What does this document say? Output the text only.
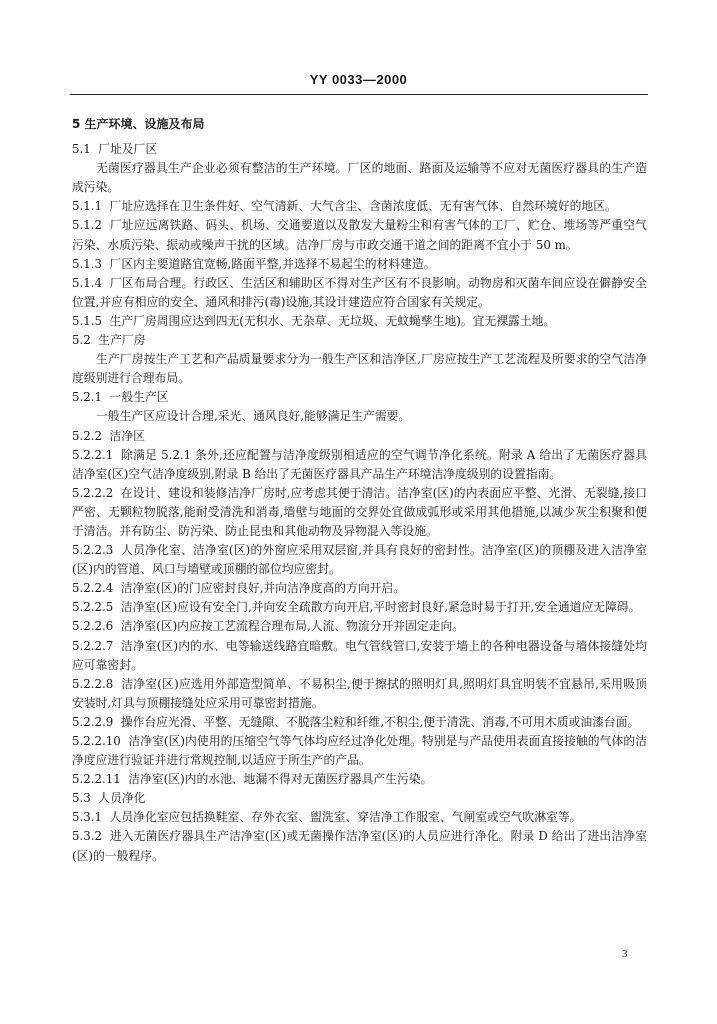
YY 0033—2000

5 生产环境、设施及布局

5.1  厂址及厂区

无菌医疗器具生产企业必须有整洁的生产环境。厂区的地面、路面及运输等不应对无菌医疗器具的生产造成污染。

5.1.1  厂址应选择在卫生条件好、空气清新、大气含尘、含菌浓度低、无有害气体、自然环境好的地区。

5.1.2  厂址应远离铁路、码头、机场、交通要道以及散发大量粉尘和有害气体的工厂、贮仓、堆场等严重空气污染、水质污染、振动或噪声干扰的区域。洁净厂房与市政交通干道之间的距离不宜小于 50 m。

5.1.3  厂区内主要道路宜宽畅,路面平整,并选择不易起尘的材料建造。

5.1.4  厂区布局合理。行政区、生活区和辅助区不得对生产区有不良影响。动物房和灭菌车间应设在僻静安全位置,并应有相应的安全、通风和排污(毒)设施,其设计建造应符合国家有关规定。

5.1.5  生产厂房周围应达到四无(无积水、无杂草、无垃圾、无蚊蝇孳生地)。宜无裸露土地。

5.2  生产厂房

生产厂房按生产工艺和产品质量要求分为一般生产区和洁净区,厂房应按生产工艺流程及所要求的空气洁净度级别进行合理布局。

5.2.1  一般生产区

一般生产区应设计合理,采光、通风良好,能够满足生产需要。

5.2.2  洁净区

5.2.2.1  除满足 5.2.1 条外,还应配置与洁净度级别相适应的空气调节净化系统。附录 A 给出了无菌医疗器具洁净室(区)空气洁净度级别,附录 B 给出了无菌医疗器具产品生产环境洁净度级别的设置指南。

5.2.2.2  在设计、建设和装修洁净厂房时,应考虑其便于清洁。洁净室(区)的内表面应平整、光滑、无裂缝,接口严密、无颗粒物脱落,能耐受清洗和消毒,墙壁与地面的交界处宜做成弧形或采用其他措施,以减少灰尘积聚和便于清洁。并有防尘、防污染、防止昆虫和其他动物及异物混入等设施。

5.2.2.3  人员净化室、洁净室(区)的外窗应采用双层窗,并具有良好的密封性。洁净室(区)的顶棚及进入洁净室(区)内的管道、风口与墙壁或顶棚的部位均应密封。

5.2.2.4  洁净室(区)的门应密封良好,并向洁净度高的方向开启。

5.2.2.5  洁净室(区)应设有安全门,并向安全疏散方向开启,平时密封良好,紧急时易于打开,安全通道应无障碍。

5.2.2.6  洁净室(区)内应按工艺流程合理布局,人流、物流分开并固定走向。

5.2.2.7  洁净室(区)内的水、电等输送线路宜暗敷。电气管线管口,安装于墙上的各种电器设备与墙体接缝处均应可靠密封。

5.2.2.8  洁净室(区)应选用外部造型简单、不易积尘,便于擦拭的照明灯具,照明灯具宜明装不宜悬吊,采用吸顶安装时,灯具与顶棚接缝处应采用可靠密封措施。

5.2.2.9  操作台应光滑、平整、无缝隙、不脱落尘粒和纤维,不积尘,便于清洗、消毒,不可用木质或油漆台面。

5.2.2.10  洁净室(区)内使用的压缩空气等气体均应经过净化处理。特别是与产品使用表面直接接触的气体的洁净度应进行验证并进行常规控制,以适应于所生产的产品。

5.2.2.11  洁净室(区)内的水池、地漏不得对无菌医疗器具产生污染。

5.3  人员净化

5.3.1  人员净化室应包括换鞋室、存外衣室、盥洗室、穿洁净工作服室、气闸室或空气吹淋室等。

5.3.2  进入无菌医疗器具生产洁净室(区)或无菌操作洁净室(区)的人员应进行净化。附录 D 给出了进出洁净室(区)的一般程序。

3
